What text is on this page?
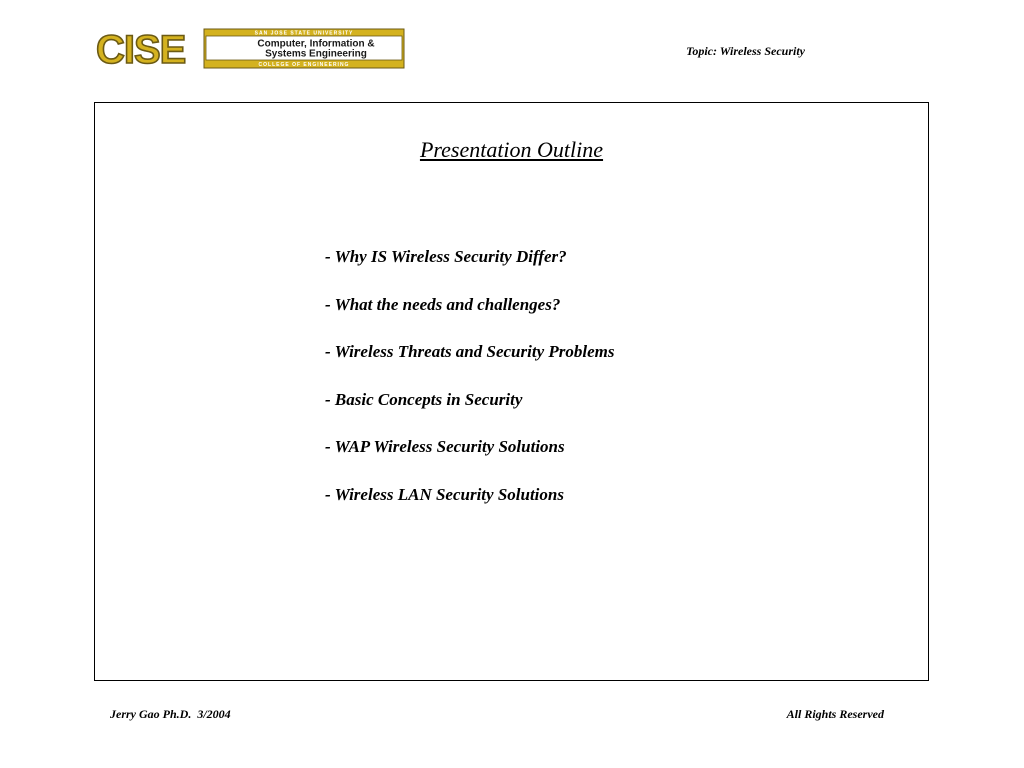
CISE	SAN JOSE STATE UNIVERSITY
Computer, Information &
Systems Engineering
COLLEGE OF ENGINEERING
Topic: Wireless Security
Presentation Outline
- Why IS Wireless Security Differ?
- What the needs and challenges?
- Wireless Threats and Security Problems
- Basic Concepts in Security
- WAP Wireless Security Solutions
- Wireless LAN Security Solutions
Jerry Gao Ph.D.  3/2004	All Rights Reserved
